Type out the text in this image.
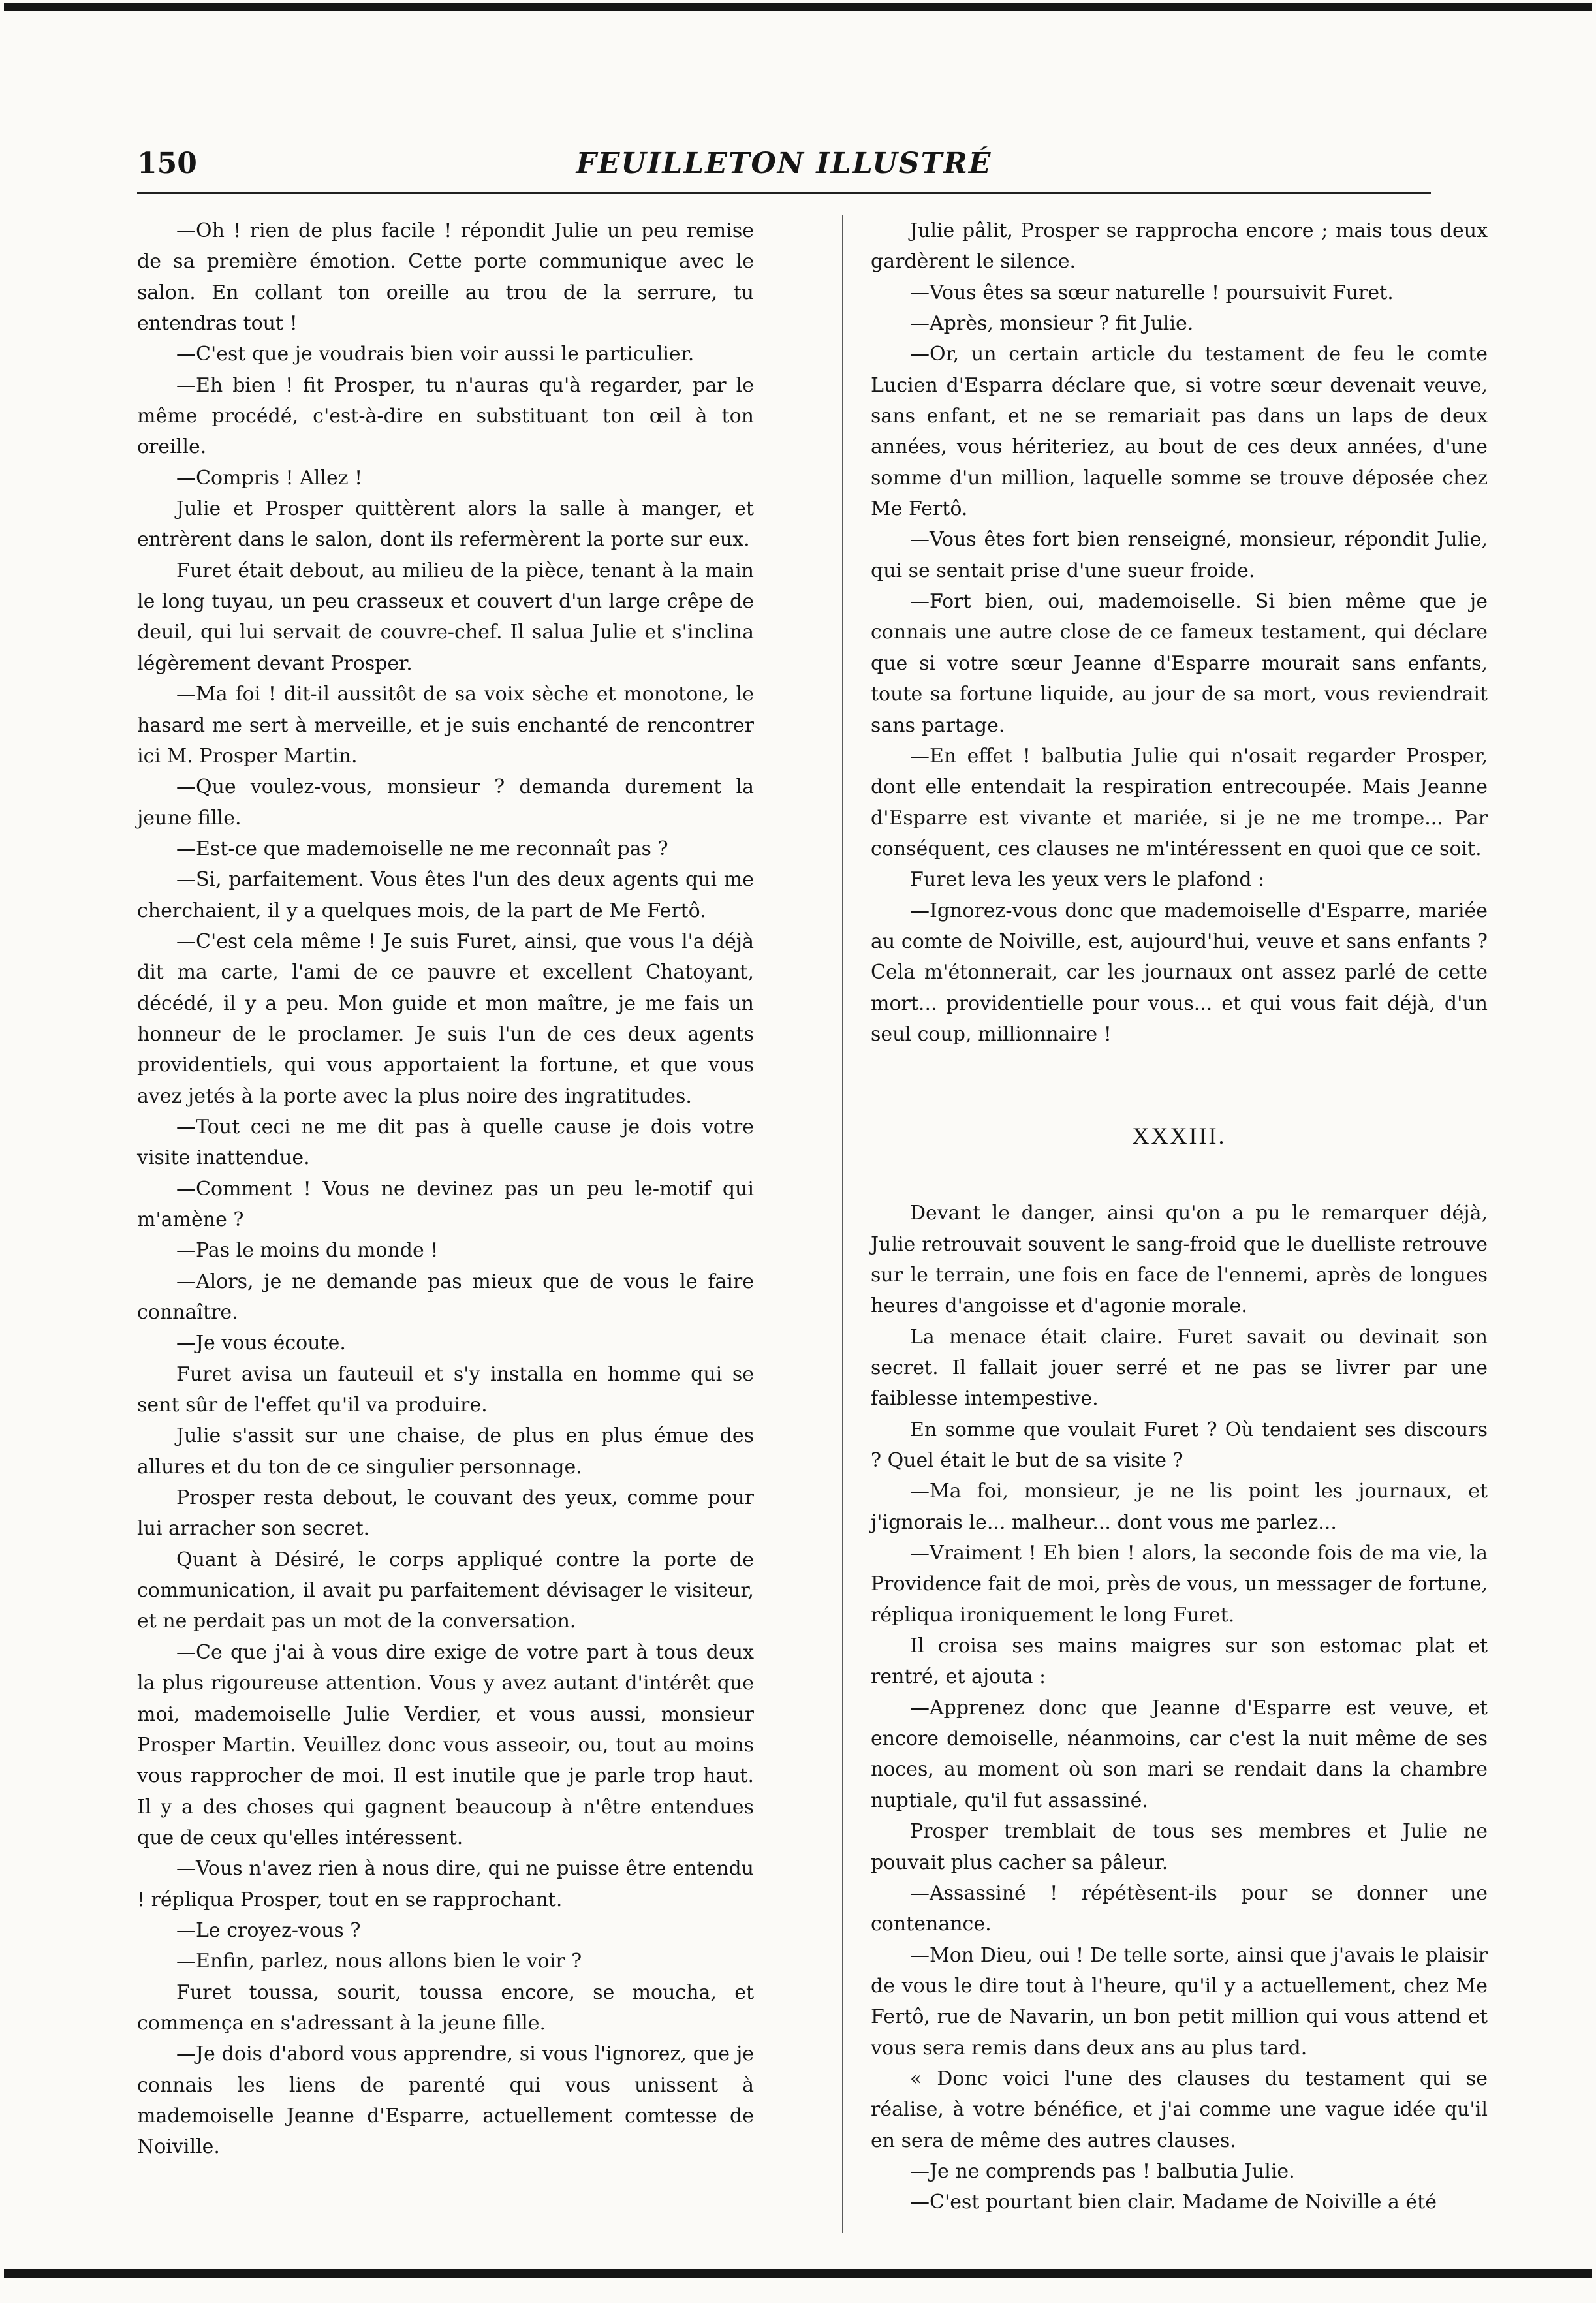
150	FEUILLETON ILLUSTRÉ

—Oh ! rien de plus facile ! répondit Julie un peu remise de sa première émotion. Cette porte communique avec le salon. En collant ton oreille au trou de la serrure, tu entendras tout !

—C'est que je voudrais bien voir aussi le particulier.

—Eh bien ! fit Prosper, tu n'auras qu'à regarder, par le même procédé, c'est-à-dire en substituant ton œil à ton oreille.

—Compris ! Allez !

Julie et Prosper quittèrent alors la salle à manger, et entrèrent dans le salon, dont ils refermèrent la porte sur eux.

Furet était debout, au milieu de la pièce, tenant à la main le long tuyau, un peu crasseux et couvert d'un large crêpe de deuil, qui lui servait de couvre-chef. Il salua Julie et s'inclina légèrement devant Prosper.

—Ma foi ! dit-il aussitôt de sa voix sèche et monotone, le hasard me sert à merveille, et je suis enchanté de rencontrer ici M. Prosper Martin.

—Que voulez-vous, monsieur ? demanda durement la jeune fille.

—Est-ce que mademoiselle ne me reconnaît pas ?

—Si, parfaitement. Vous êtes l'un des deux agents qui me cherchaient, il y a quelques mois, de la part de Me Fertô.

—C'est cela même ! Je suis Furet, ainsi, que vous l'a déjà dit ma carte, l'ami de ce pauvre et excellent Chatoyant, décédé, il y a peu. Mon guide et mon maître, je me fais un honneur de le proclamer. Je suis l'un de ces deux agents providentiels, qui vous apportaient la fortune, et que vous avez jetés à la porte avec la plus noire des ingratitudes.

—Tout ceci ne me dit pas à quelle cause je dois votre visite inattendue.

—Comment ! Vous ne devinez pas un peu le-motif qui m'amène ?

—Pas le moins du monde !

—Alors, je ne demande pas mieux que de vous le faire connaître.

—Je vous écoute.

Furet avisa un fauteuil et s'y installa en homme qui se sent sûr de l'effet qu'il va produire.

Julie s'assit sur une chaise, de plus en plus émue des allures et du ton de ce singulier personnage.

Prosper resta debout, le couvant des yeux, comme pour lui arracher son secret.

Quant à Désiré, le corps appliqué contre la porte de communication, il avait pu parfaitement dévisager le visiteur, et ne perdait pas un mot de la conversation.

—Ce que j'ai à vous dire exige de votre part à tous deux la plus rigoureuse attention. Vous y avez autant d'intérêt que moi, mademoiselle Julie Verdier, et vous aussi, monsieur Prosper Martin. Veuillez donc vous asseoir, ou, tout au moins vous rapprocher de moi. Il est inutile que je parle trop haut. Il y a des choses qui gagnent beaucoup à n'être entendues que de ceux qu'elles intéressent.

—Vous n'avez rien à nous dire, qui ne puisse être entendu ! répliqua Prosper, tout en se rapprochant.

—Le croyez-vous ?

—Enfin, parlez, nous allons bien le voir ?

Furet toussa, sourit, toussa encore, se moucha, et commença en s'adressant à la jeune fille.

—Je dois d'abord vous apprendre, si vous l'ignorez, que je connais les liens de parenté qui vous unissent à mademoiselle Jeanne d'Esparre, actuellement comtesse de Noiville.

Julie pâlit, Prosper se rapprocha encore ; mais tous deux gardèrent le silence.

—Vous êtes sa sœur naturelle ! poursuivit Furet.

—Après, monsieur ? fit Julie.

—Or, un certain article du testament de feu le comte Lucien d'Esparra déclare que, si votre sœur devenait veuve, sans enfant, et ne se remariait pas dans un laps de deux années, vous hériteriez, au bout de ces deux années, d'une somme d'un million, laquelle somme se trouve déposée chez Me Fertô.

—Vous êtes fort bien renseigné, monsieur, répondit Julie, qui se sentait prise d'une sueur froide.

—Fort bien, oui, mademoiselle. Si bien même que je connais une autre close de ce fameux testament, qui déclare que si votre sœur Jeanne d'Esparre mourait sans enfants, toute sa fortune liquide, au jour de sa mort, vous reviendrait sans partage.

—En effet ! balbutia Julie qui n'osait regarder Prosper, dont elle entendait la respiration entrecoupée. Mais Jeanne d'Esparre est vivante et mariée, si je ne me trompe... Par conséquent, ces clauses ne m'intéressent en quoi que ce soit.

Furet leva les yeux vers le plafond :

—Ignorez-vous donc que mademoiselle d'Esparre, mariée au comte de Noiville, est, aujourd'hui, veuve et sans enfants ? Cela m'étonnerait, car les journaux ont assez parlé de cette mort... providentielle pour vous... et qui vous fait déjà, d'un seul coup, millionnaire !

XXXIII.

Devant le danger, ainsi qu'on a pu le remarquer déjà, Julie retrouvait souvent le sang-froid que le duelliste retrouve sur le terrain, une fois en face de l'ennemi, après de longues heures d'angoisse et d'agonie morale.

La menace était claire. Furet savait ou devinait son secret. Il fallait jouer serré et ne pas se livrer par une faiblesse intempestive.

En somme que voulait Furet ? Où tendaient ses discours ? Quel était le but de sa visite ?

—Ma foi, monsieur, je ne lis point les journaux, et j'ignorais le... malheur... dont vous me parlez...

—Vraiment ! Eh bien ! alors, la seconde fois de ma vie, la Providence fait de moi, près de vous, un messager de fortune, répliqua ironiquement le long Furet.

Il croisa ses mains maigres sur son estomac plat et rentré, et ajouta :

—Apprenez donc que Jeanne d'Esparre est veuve, et encore demoiselle, néanmoins, car c'est la nuit même de ses noces, au moment où son mari se rendait dans la chambre nuptiale, qu'il fut assassiné.

Prosper tremblait de tous ses membres et Julie ne pouvait plus cacher sa pâleur.

—Assassiné ! répétèsent-ils pour se donner une contenance.

—Mon Dieu, oui ! De telle sorte, ainsi que j'avais le plaisir de vous le dire tout à l'heure, qu'il y a actuellement, chez Me Fertô, rue de Navarin, un bon petit million qui vous attend et vous sera remis dans deux ans au plus tard.

« Donc voici l'une des clauses du testament qui se réalise, à votre bénéfice, et j'ai comme une vague idée qu'il en sera de même des autres clauses.

—Je ne comprends pas ! balbutia Julie.

—C'est pourtant bien clair. Madame de Noiville a été
